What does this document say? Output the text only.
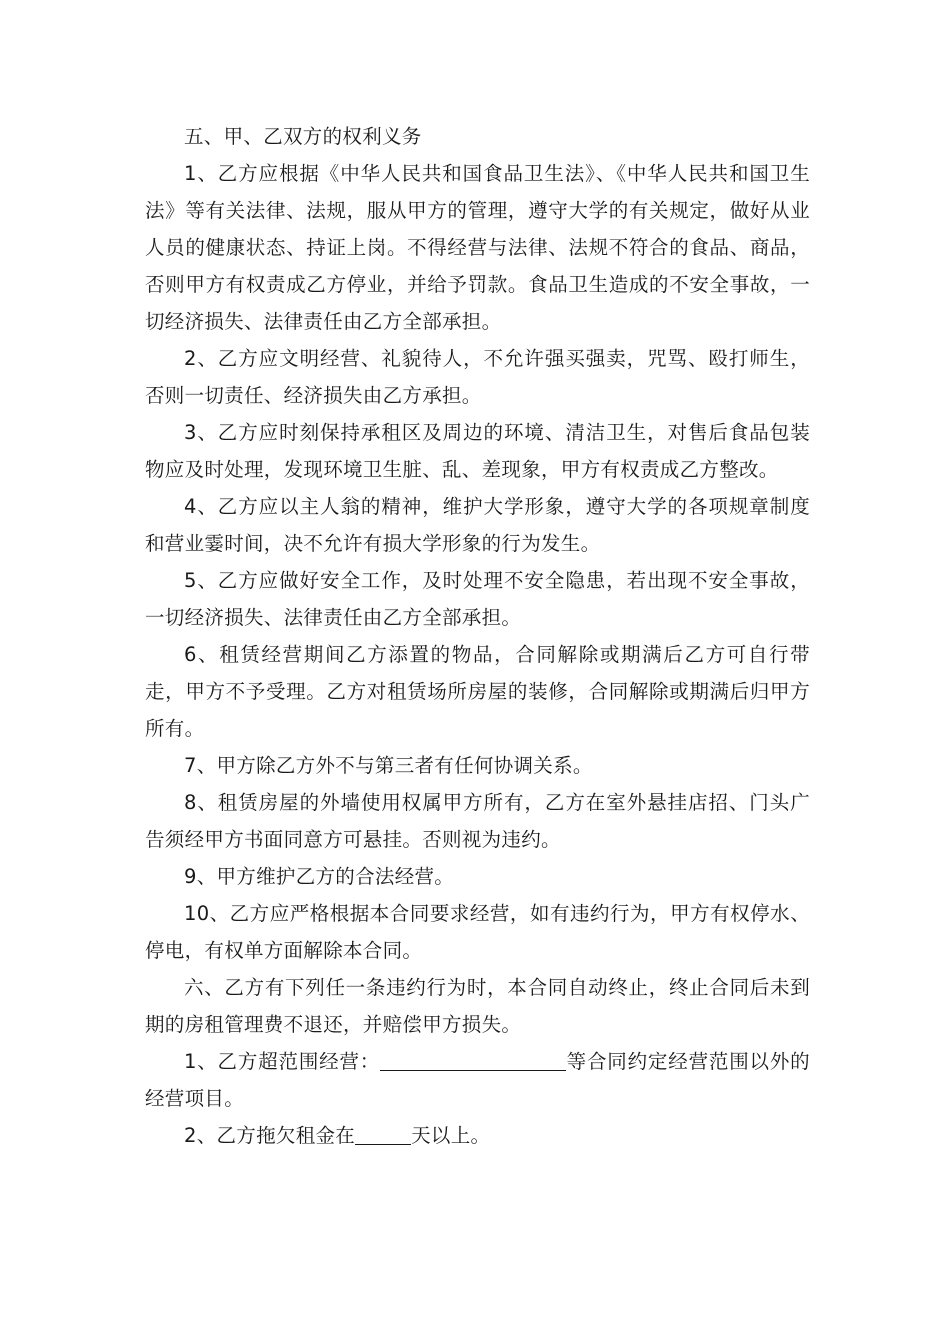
五、甲、乙双方的权利义务

1、乙方应根据《中华人民共和国食品卫生法》、《中华人民共和国卫生法》等有关法律、法规，服从甲方的管理，遵守大学的有关规定，做好从业人员的健康状态、持证上岗。不得经营与法律、法规不符合的食品、商品，否则甲方有权责成乙方停业，并给予罚款。食品卫生造成的不安全事故，一切经济损失、法律责任由乙方全部承担。

2、乙方应文明经营、礼貌待人，不允许强买强卖，咒骂、殴打师生，否则一切责任、经济损失由乙方承担。

3、乙方应时刻保持承租区及周边的环境、清洁卫生，对售后食品包装物应及时处理，发现环境卫生脏、乱、差现象，甲方有权责成乙方整改。

4、乙方应以主人翁的精神，维护大学形象，遵守大学的各项规章制度和营业霎时间，决不允许有损大学形象的行为发生。

5、乙方应做好安全工作，及时处理不安全隐患，若出现不安全事故，一切经济损失、法律责任由乙方全部承担。

6、租赁经营期间乙方添置的物品，合同解除或期满后乙方可自行带走，甲方不予受理。乙方对租赁场所房屋的装修，合同解除或期满后归甲方所有。

7、甲方除乙方外不与第三者有任何协调关系。

8、租赁房屋的外墙使用权属甲方所有，乙方在室外悬挂店招、门头广告须经甲方书面同意方可悬挂。否则视为违约。

9、甲方维护乙方的合法经营。

10、乙方应严格根据本合同要求经营，如有违约行为，甲方有权停水、停电，有权单方面解除本合同。

六、乙方有下列任一条违约行为时，本合同自动终止，终止合同后未到期的房租管理费不退还，并赔偿甲方损失。

1、乙方超范围经营：	等合同约定经营范围以外的经营项目。

2、乙方拖欠租金在	天以上。
